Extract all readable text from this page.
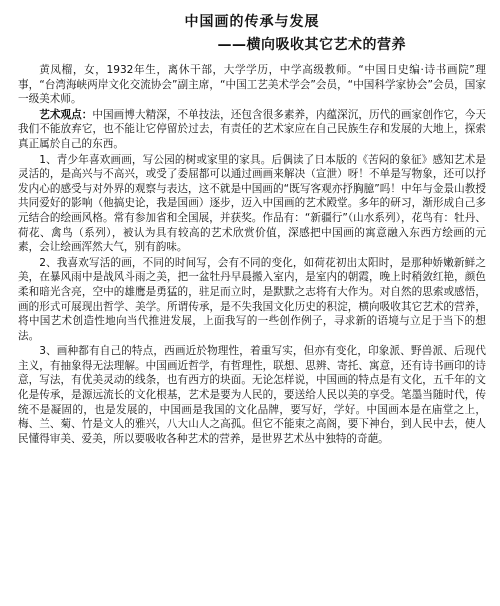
中国画的传承与发展
——横向吸收其它艺术的营养

黄凤榴，女，1932年生，离休干部，大学学历，中学高级教师。“中国日史编·诗书画院”理事，“台湾海峡两岸文化交流协会”副主席，“中国工艺美术学会”会员，“中国科学家协会”会员，国家一级美术师。

艺术观点：中国画博大精深，不单技法，还包含很多素养，内蕴深沉，历代的画家创作它，今天我们不能放弃它，也不能让它停留於过去，有责任的艺术家应在自己民族生存和发展的大地上，探索真正属於自己的东西。

1、青少年喜欢画画，写公园的树或家里的家具。后偶读了日本版的《苦闷的象征》感知艺术是灵活的，是高兴与不高兴，或受了委屈都可以通过画画来解决（宣泄）呀！不单是写物象，还可以抒发内心的感受与对外界的观察与表达，这不就是中国画的“既写客观亦抒胸臆”吗！中年与金景山教授共同爱好的影响（他搞史论，我是国画）逐步，迈入中国画的艺术殿堂。多年的研习，渐形成自己多元结合的绘画风格。常有参加省和全国展，并获奖。作品有：“新疆行”（山水系列），花鸟有：牡丹、荷花、禽鸟（系列），被认为具有较高的艺术欣赏价值，深感把中国画的寓意融入东西方绘画的元素，会让绘画浑然大气，别有韵味。

2、我喜欢写活的画，不同的时间写，会有不同的变化，如荷花初出太阳时，是那种娇嫩新鲜之美，在暴风雨中是战风斗雨之美，把一盆牡丹早晨搬入室内，是室内的朝霞，晚上时稍敛红艳，颜色柔和暗光含亮，空中的雄鹰是勇猛的，驻足而立时，是默默之志将有大作为。对自然的思索或感悟，画的形式可展现出哲学、美学。所谓传承，是不失我国文化历史的积淀，横向吸收其它艺术的营养，将中国艺术创造性地向当代推进发展，上面我写的一些创作例子，寻求新的语境与立足于当下的想法。

3、画种都有自己的特点，西画近於物理性，着重写实，但亦有变化，印象派、野兽派、后现代主义，有抽象得无法理解。中国画近哲学，有哲理性，联想、思辨、寄托、寓意，还有诗书画印的诗意，写法，有优美灵动的线条，也有西方的块面。无论怎样说，中国画的特点是有文化，五千年的文化是传承，是源远流长的文化根基，艺术是要为人民的，要送给人民以美的享受。笔墨当随时代，传统不是凝固的，也是发展的，中国画是我国的文化品牌，要写好，学好。中国画本是在庙堂之上，梅、兰、菊、竹是文人的雅兴，八大山人之高孤。但它不能束之高阁，要下神台，到人民中去，使人民懂得审美、爱美，所以要吸收各种艺术的营养，是世界艺术丛中独特的奇葩。
